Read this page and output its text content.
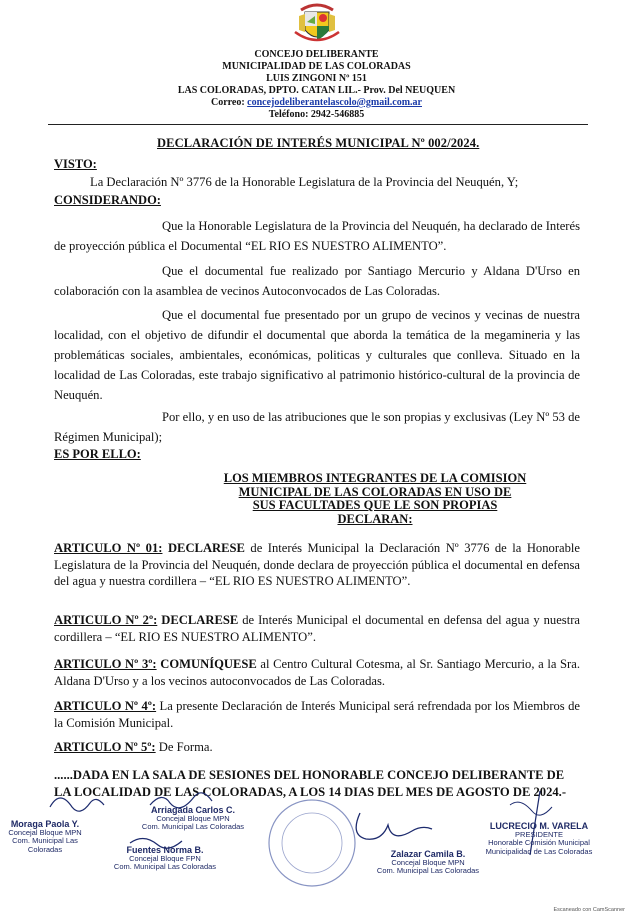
CONCEJO DELIBERANTE
MUNICIPALIDAD DE LAS COLORADAS
LUIS ZINGONI Nº 151
LAS COLORADAS, DPTO. CATAN LIL.- Prov. Del NEUQUEN
Correo: concejodeliberantelascolo@gmail.com.ar
Teléfono: 2942-546885
DECLARACIÓN DE INTERÉS MUNICIPAL Nº 002/2024.
VISTO:
La Declaración Nº 3776 de la Honorable Legislatura de la Provincia del Neuquén, Y;
CONSIDERANDO:
Que la Honorable Legislatura de la Provincia del Neuquén, ha declarado de Interés de proyección pública el Documental “EL RIO ES NUESTRO ALIMENTO”.
Que el documental fue realizado por Santiago Mercurio y Aldana D'Urso en colaboración con la asamblea de vecinos Autoconvocados de Las Coloradas.
Que el documental fue presentado por un grupo de vecinos y vecinas de nuestra localidad, con el objetivo de difundir el documental que aborda la temática de la megamineria y las problemáticas sociales, ambientales, económicas, politicas y culturales que conlleva. Situado en la localidad de Las Coloradas, este trabajo significativo al patrimonio histórico-cultural de la provincia de Neuquén.
Por ello, y en uso de las atribuciones que le son propias y exclusivas (Ley Nº 53 de Régimen Municipal);
ES POR ELLO:
LOS MIEMBROS INTEGRANTES DE LA COMISION
MUNICIPAL DE LAS COLORADAS EN USO DE
SUS FACULTADES QUE LE SON PROPIAS
DECLARAN:
ARTICULO Nº 01: DECLARESE de Interés Municipal la Declaración Nº 3776 de la Honorable Legislatura de la Provincia del Neuquén, donde declara de proyección pública el documental en defensa del agua y nuestra cordillera – “EL RIO ES NUESTRO ALIMENTO”.
ARTICULO Nº 2º: DECLARESE de Interés Municipal el documental en defensa del agua y nuestra cordillera – “EL RIO ES NUESTRO ALIMENTO”.
ARTICULO Nº 3º: COMUNÍQUESE al Centro Cultural Cotesma, al Sr. Santiago Mercurio, a la Sra. Aldana D'Urso y a los vecinos autoconvocados de Las Coloradas.
ARTICULO Nº 4º: La presente Declaración de Interés Municipal será refrendada por los Miembros de la Comisión Municipal.
ARTICULO Nº 5º: De Forma.
......DADA EN LA SALA DE SESIONES DEL HONORABLE CONCEJO DELIBERANTE DE LA LOCALIDAD DE LAS COLORADAS, A LOS 14 DIAS DEL MES DE AGOSTO DE 2024.-
Moraga Paola Y.
Concejal Bloque MPN
Com. Municipal Las Coloradas
Arriagada Carlos C.
Concejal Bloque MPN
Com. Municipal Las Coloradas
Fuentes Norma B.
Concejal Bloque FPN
Com. Municipal Las Coloradas
Zalazar Camila B.
Concejal Bloque MPN
Com. Municipal Las Coloradas
LUCRECIO M. VARELA
PRESIDENTE
Honorable Comisión Municipal
Municipalidad de Las Coloradas
Escaneado con CamScanner
